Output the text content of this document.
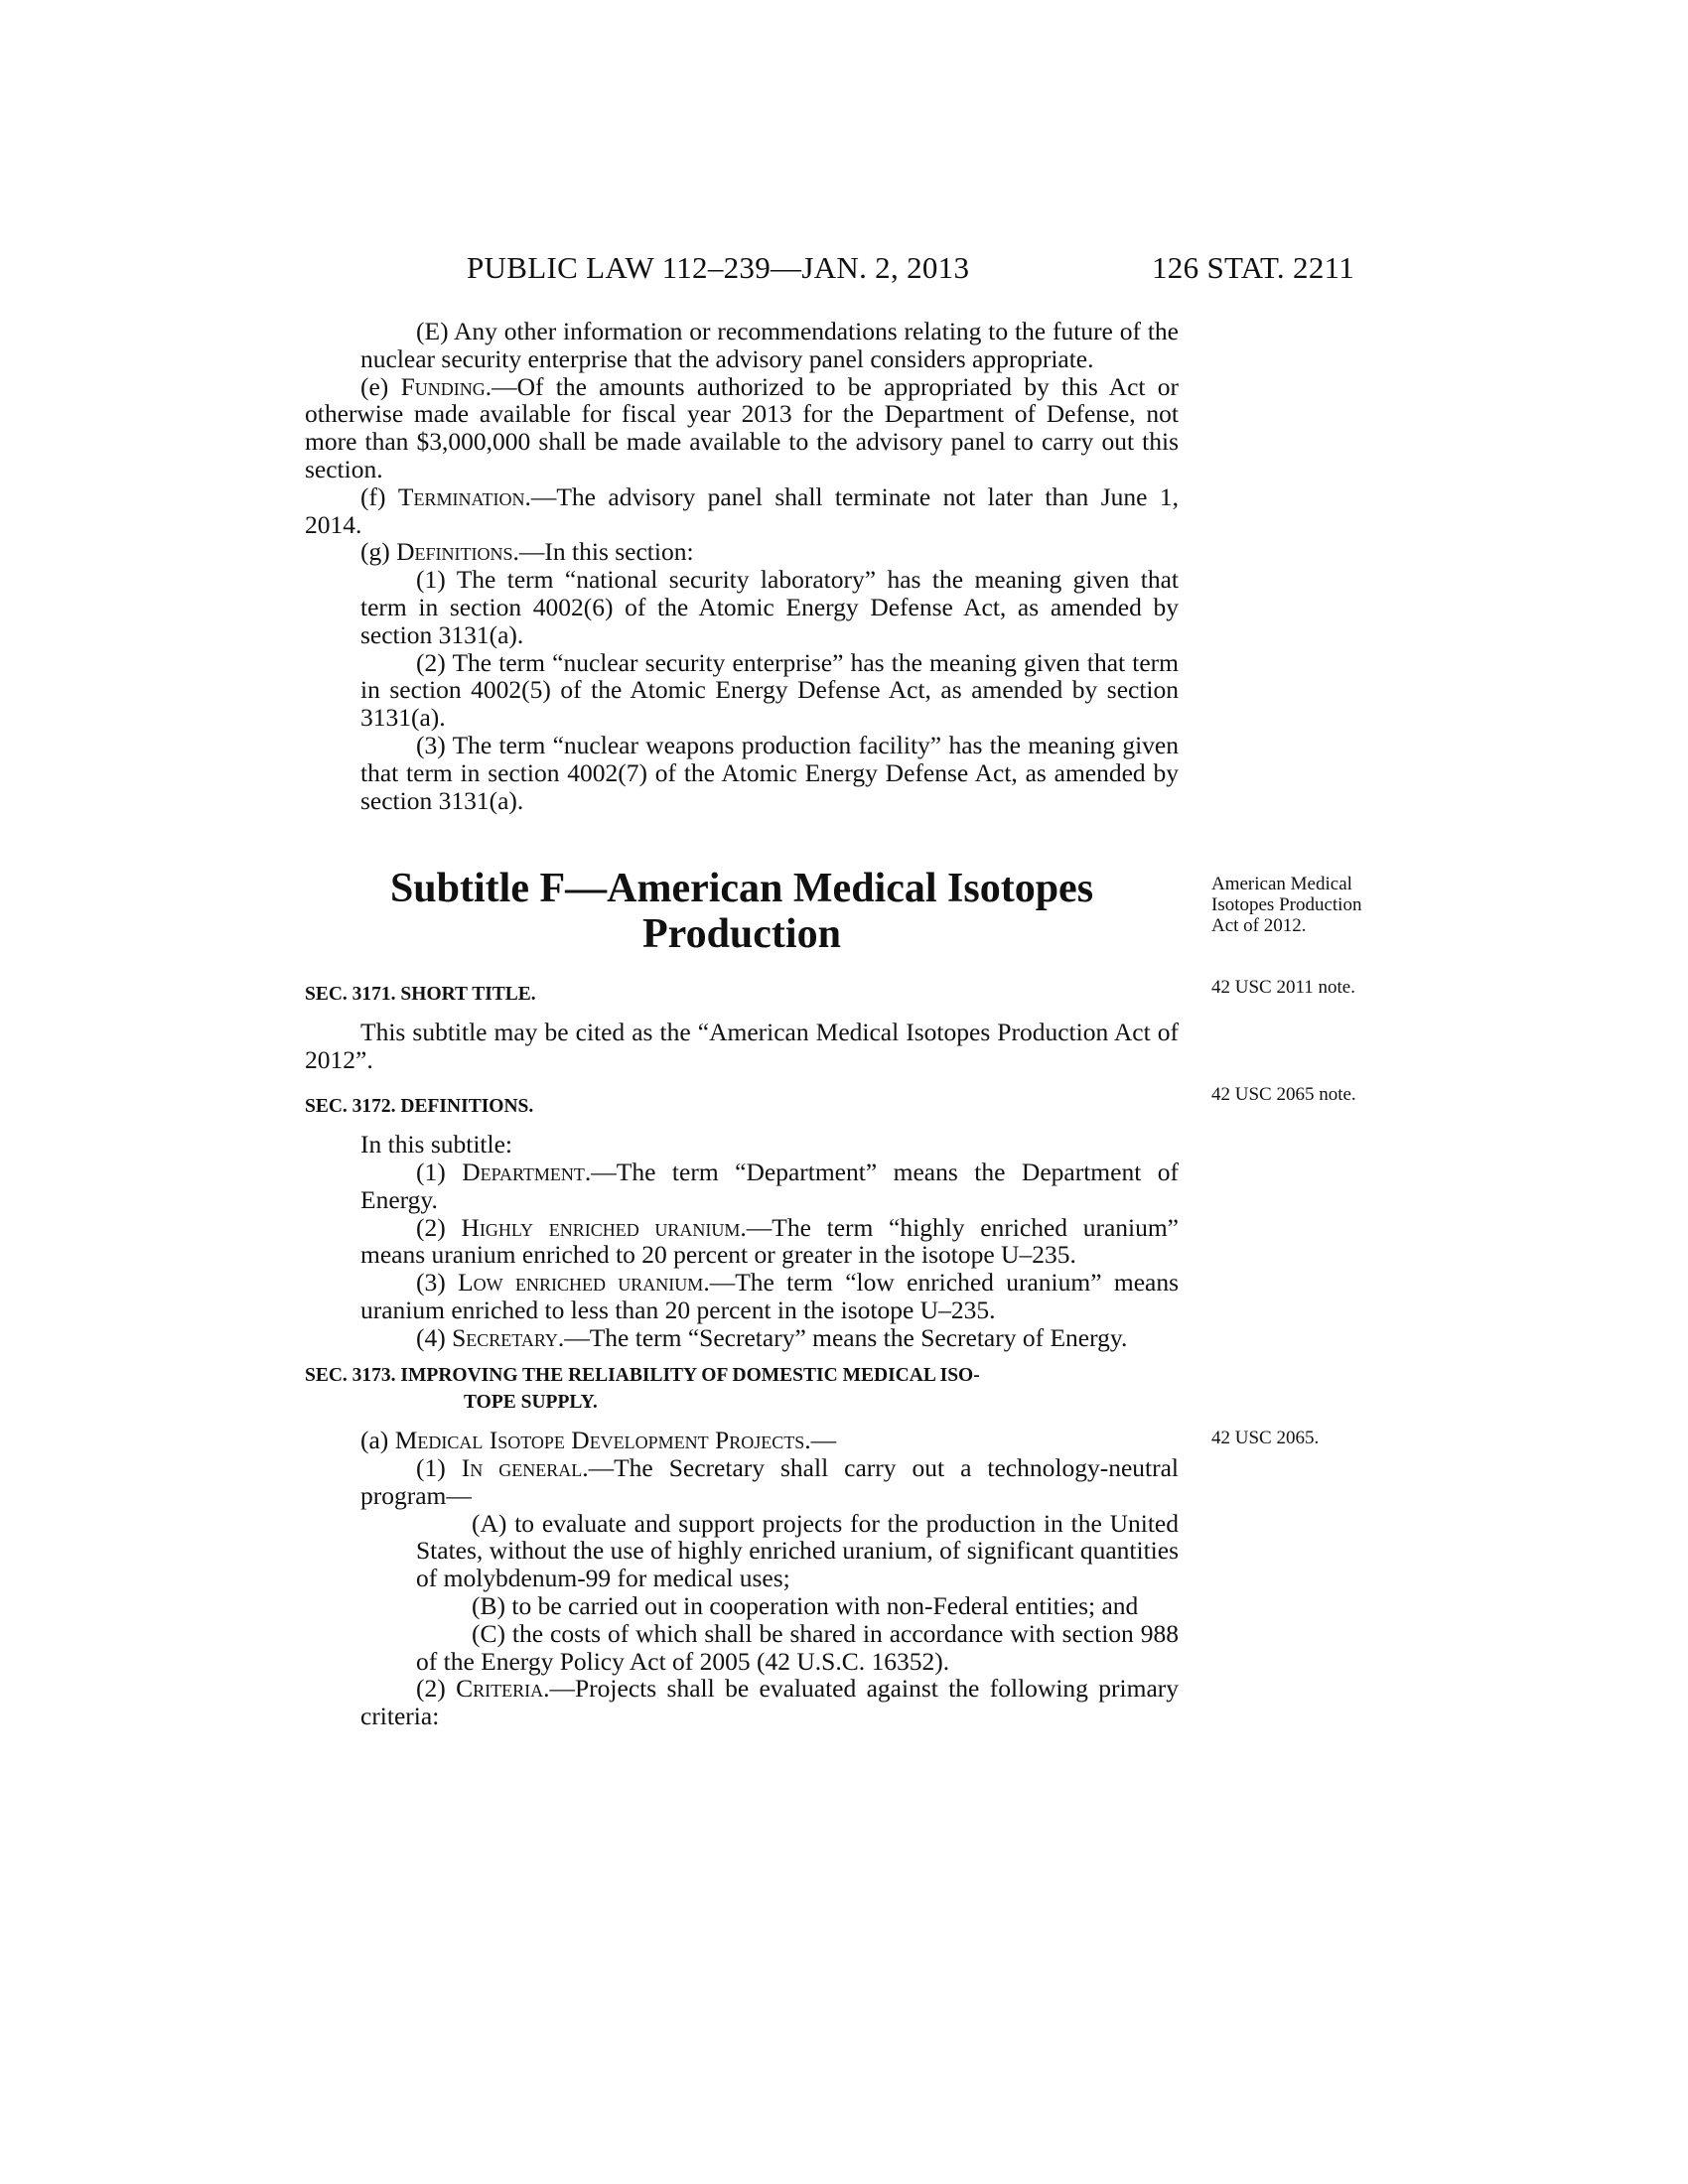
PUBLIC LAW 112–239—JAN. 2, 2013	126 STAT. 2211

(E) Any other information or recommendations relating to the future of the nuclear security enterprise that the advisory panel considers appropriate.

(e) Funding.—Of the amounts authorized to be appropriated by this Act or otherwise made available for fiscal year 2013 for the Department of Defense, not more than $3,000,000 shall be made available to the advisory panel to carry out this section.

(f) Termination.—The advisory panel shall terminate not later than June 1, 2014.

(g) Definitions.—In this section:

(1) The term “national security laboratory” has the meaning given that term in section 4002(6) of the Atomic Energy Defense Act, as amended by section 3131(a).

(2) The term “nuclear security enterprise” has the meaning given that term in section 4002(5) of the Atomic Energy Defense Act, as amended by section 3131(a).

(3) The term “nuclear weapons production facility” has the meaning given that term in section 4002(7) of the Atomic Energy Defense Act, as amended by section 3131(a).

Subtitle F—American Medical Isotopes
Production

SEC. 3171. SHORT TITLE.

This subtitle may be cited as the “American Medical Isotopes Production Act of 2012”.

SEC. 3172. DEFINITIONS.

In this subtitle:

(1) Department.—The term “Department” means the Department of Energy.

(2) Highly enriched uranium.—The term “highly enriched uranium” means uranium enriched to 20 percent or greater in the isotope U–235.

(3) Low enriched uranium.—The term “low enriched uranium” means uranium enriched to less than 20 percent in the isotope U–235.

(4) Secretary.—The term “Secretary” means the Secretary of Energy.

SEC. 3173. IMPROVING THE RELIABILITY OF DOMESTIC MEDICAL ISO-
TOPE SUPPLY.

(a) Medical Isotope Development Projects.—

(1) In general.—The Secretary shall carry out a technology-neutral program—

(A) to evaluate and support projects for the production in the United States, without the use of highly enriched uranium, of significant quantities of molybdenum-99 for medical uses;

(B) to be carried out in cooperation with non-Federal entities; and

(C) the costs of which shall be shared in accordance with section 988 of the Energy Policy Act of 2005 (42 U.S.C. 16352).

(2) Criteria.—Projects shall be evaluated against the following primary criteria:

American Medical Isotopes Production Act of 2012.
42 USC 2011 note.
42 USC 2065 note.
42 USC 2065.
